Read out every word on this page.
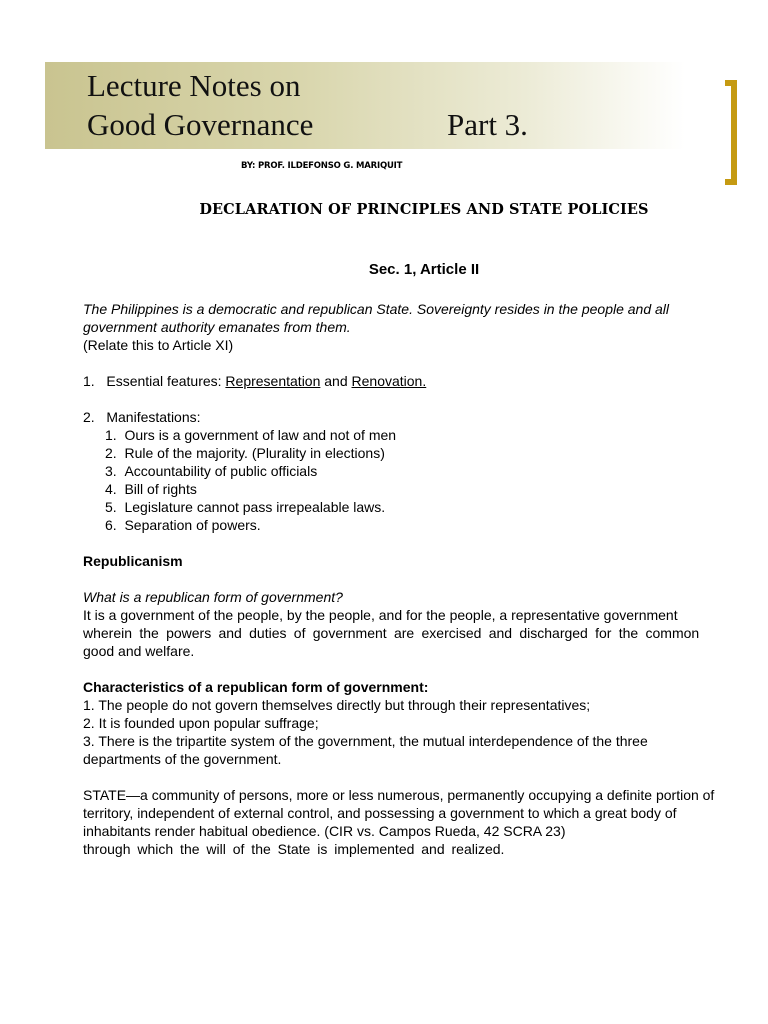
Lecture Notes on
Good Governance	Part 3.
BY: PROF. ILDEFONSO G. MARIQUIT
DECLARATION OF PRINCIPLES AND STATE POLICIES
Sec. 1, Article II

The Philippines is a democratic and republican State. Sovereignty resides in the people and all

government authority emanates from them.

(Relate this to Article XI)

1. Essential features: Representation and Renovation.

2. Manifestations:

1. Ours is a government of law and not of men

2. Rule of the majority. (Plurality in elections)

3. Accountability of public officials

4. Bill of rights

5. Legislature cannot pass irrepealable laws.

6. Separation of powers.

Republicanism

What is a republican form of government?

It is a government of the people, by the people, and for the people, a representative government

wherein the powers and duties of government are exercised and discharged for the common

good and welfare.

Characteristics of a republican form of government:

1. The people do not govern themselves directly but through their representatives;

2. It is founded upon popular suffrage;

3. There is the tripartite system of the government, the mutual interdependence of the three

departments of the government.

STATE—a community of persons, more or less numerous, permanently occupying a definite portion of

territory, independent of external control, and possessing a government to which a great body of

inhabitants render habitual obedience. (CIR vs. Campos Rueda, 42 SCRA 23)

through which the will of the State is implemented and realized.
